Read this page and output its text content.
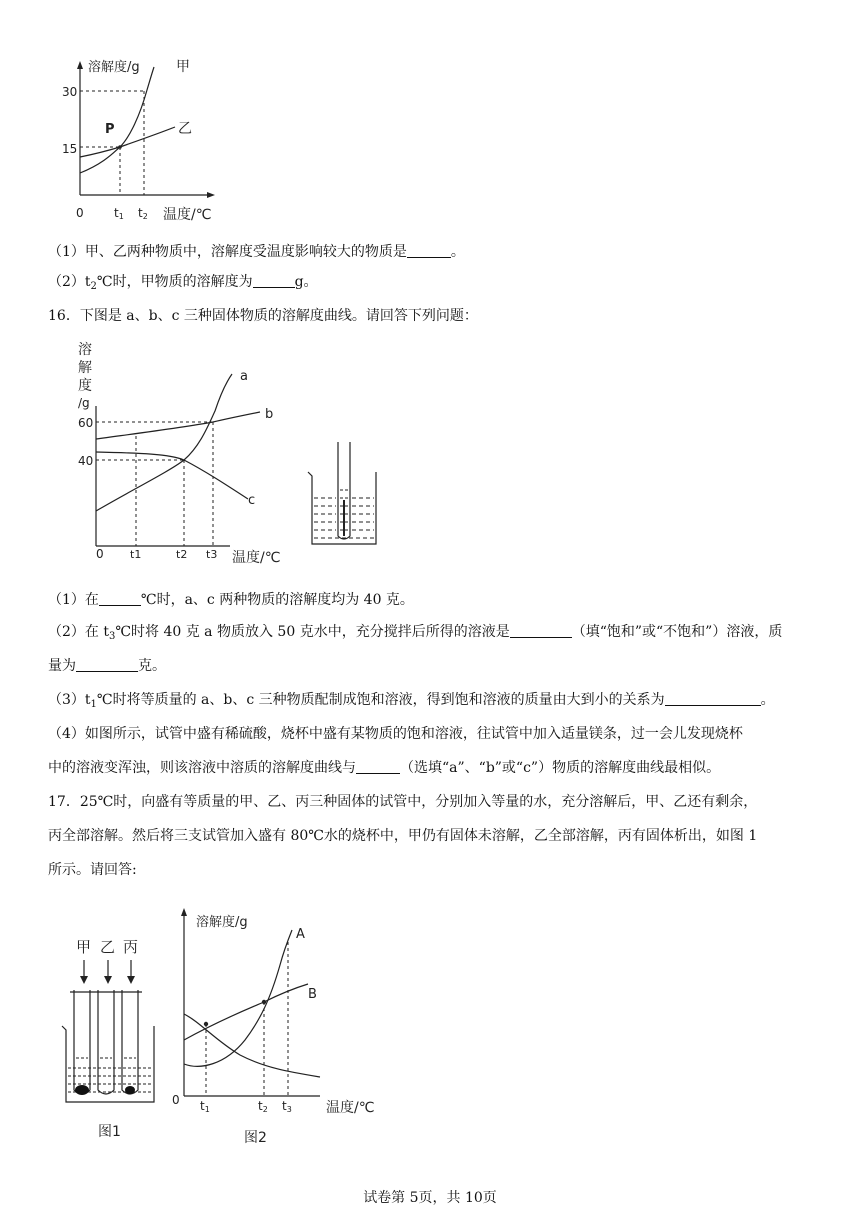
溶解度/g	甲
乙
P
30
15
0	t1 t2 温度/℃
（1）甲、乙两种物质中，溶解度受温度影响较大的物质是	。
$(2)t_2℃$时，甲物质的溶解度为	g。
16．下图是 a、b、c 三种固体物质的溶解度曲线。请回答下列问题：
溶
解
度
/g
60
40
0 t1	t2 t3 温度/℃
a
b
c
（1）在	℃时，a、c 两种物质的溶解度均为 40 克。
（2）在 $t_3℃$时将 40 克 a 物质放入 50 克水中，充分搅拌后所得的溶液是	（填“饱和”或“不饱和”）溶液，质
量为	克。
$(3)t_1℃$时将等质量的 a、b、c 三种物质配制成饱和溶液，得到饱和溶液的质量由大到小的关系为	。
（4）如图所示，试管中盛有稀硫酸，烧杯中盛有某物质的饱和溶液，往试管中加入适量镁条，过一会儿发现烧杯
中的溶液变浑浊，则该溶液中溶质的溶解度曲线与	（选填“a”、“b”或“c”）物质的溶解度曲线最相似。
17．25℃时，向盛有等质量的甲、乙、丙三种固体的试管中，分别加入等量的水，充分溶解后，甲、乙还有剩余，
丙全部溶解。然后将三支试管加入盛有 80℃水的烧杯中，甲仍有固体未溶解，乙全部溶解，丙有固体析出，如图 1
所示。请回答:
甲 乙 丙
图1
溶解度/g
A
B
0 t1	t2 t3 温度/℃
图2
试卷第 5页，共 10页
